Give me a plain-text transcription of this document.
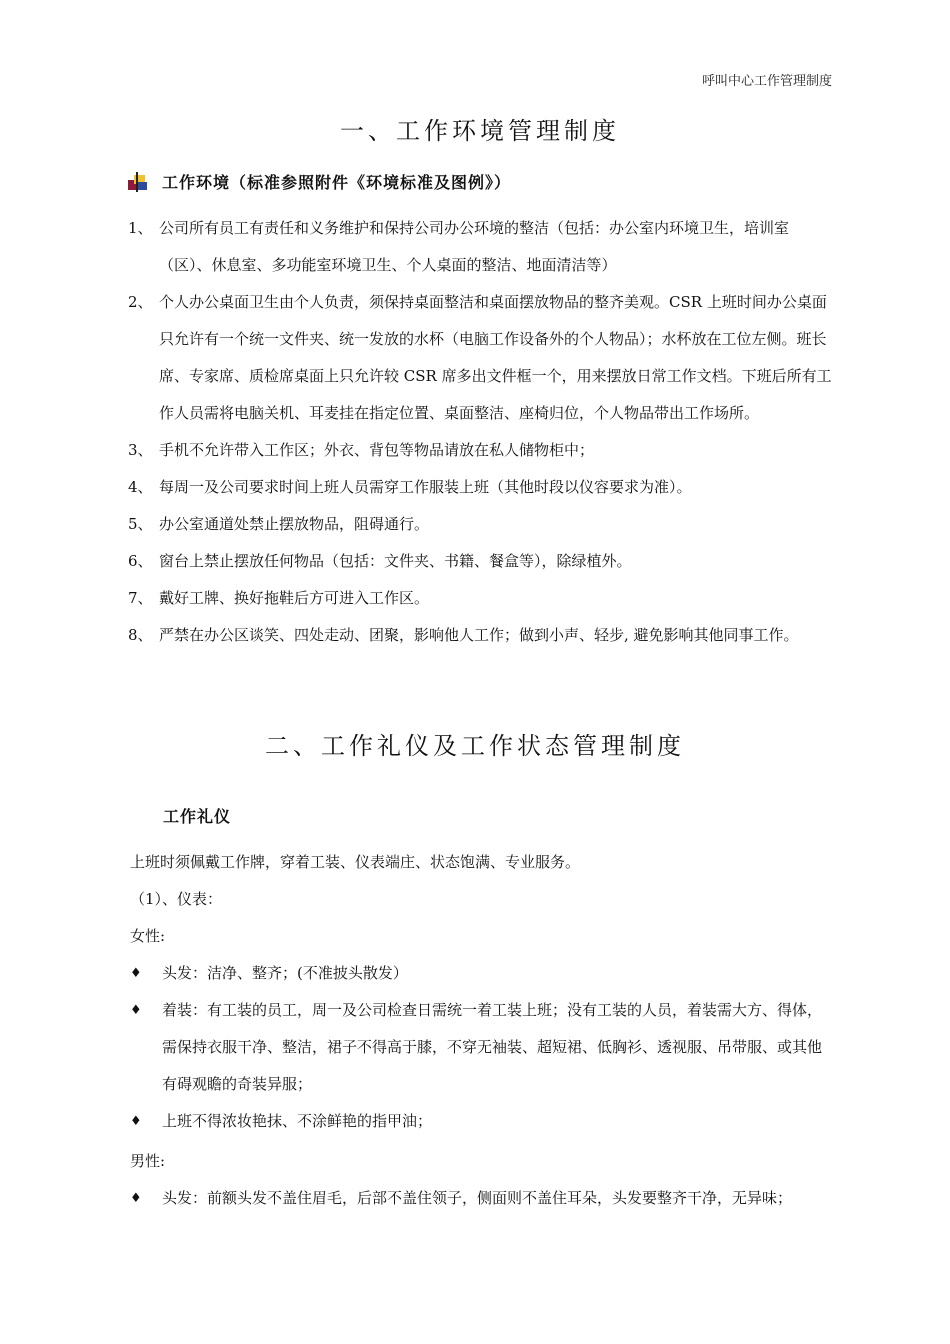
呼叫中心工作管理制度
一、工作环境管理制度
工作环境（标准参照附件《环境标准及图例》）
1、 公司所有员工有责任和义务维护和保持公司办公环境的整洁（包括：办公室内环境卫生，培训室（区）、休息室、多功能室环境卫生、个人桌面的整洁、地面清洁等）
2、 个人办公桌面卫生由个人负责，须保持桌面整洁和桌面摆放物品的整齐美观。CSR 上班时间办公桌面只允许有一个统一文件夹、统一发放的水杯（电脑工作设备外的个人物品）；水杯放在工位左侧。班长席、专家席、质检席桌面上只允许较 CSR 席多出文件框一个，用来摆放日常工作文档。下班后所有工作人员需将电脑关机、耳麦挂在指定位置、桌面整洁、座椅归位，个人物品带出工作场所。
3、 手机不允许带入工作区；外衣、背包等物品请放在私人储物柜中；
4、 每周一及公司要求时间上班人员需穿工作服装上班（其他时段以仪容要求为准）。
5、 办公室通道处禁止摆放物品，阻碍通行。
6、 窗台上禁止摆放任何物品（包括：文件夹、书籍、餐盒等），除绿植外。
7、 戴好工牌、换好拖鞋后方可进入工作区。
8、 严禁在办公区谈笑、四处走动、团聚，影响他人工作；做到小声、轻步, 避免影响其他同事工作。
二、工作礼仪及工作状态管理制度
工作礼仪
上班时须佩戴工作牌，穿着工装、仪表端庄、状态饱满、专业服务。
（1）、仪表：
女性:
♦ 头发：洁净、整齐；(不准披头散发）
♦ 着装：有工装的员工，周一及公司检查日需统一着工装上班；没有工装的人员，着装需大方、得体，需保持衣服干净、整洁，裙子不得高于膝，不穿无袖装、超短裙、低胸衫、透视服、吊带服、或其他有碍观瞻的奇装异服；
♦ 上班不得浓妆艳抹、不涂鲜艳的指甲油；
男性:
♦ 头发：前额头发不盖住眉毛，后部不盖住领子，侧面则不盖住耳朵，头发要整齐干净，无异味；
